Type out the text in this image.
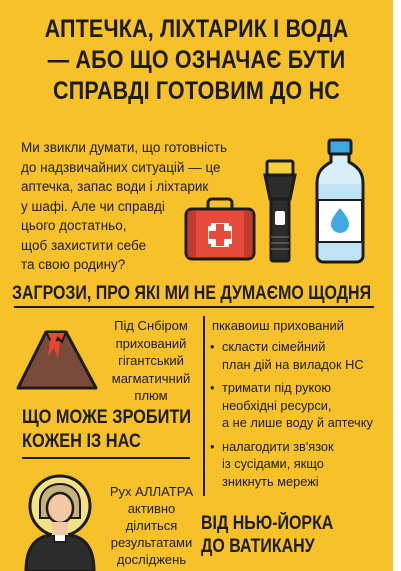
АПТЕЧКА, ЛІХТАРИК І ВОДА
— АБО ЩО ОЗНАЧАЄ БУТИ
СПРАВДІ ГОТОВИМ ДО НС
Ми звикли думати, що готовність
до надзвичайних ситуацій — це
аптечка, запас води і ліхтарик
у шафі. Але чи справді
цього достатньо,
щоб захистити себе
та свою родину?
ЗАГРОЗИ, ПРО ЯКІ МИ НЕ ДУМАЄМО ЩОДНЯ
Під Снбіром
прихований
гігантський
магматичний
плюм
пккавоиш прихований
• скласти сімейний
план дій на виладок НС
• тримати під рукою
необхідні ресурси,
а не лише воду й аптечку
• налагодити зв'язок
із сусідами, якщо
зникнуть мережі
ЩО МОЖЕ ЗРОБИТИ
КОЖЕН ІЗ НАС
Рух АЛЛАТРА
активно
ділиться
результатами
досліджень
ВІД НЬЮ-ЙОРКА
ДО ВАТИКАНУ
